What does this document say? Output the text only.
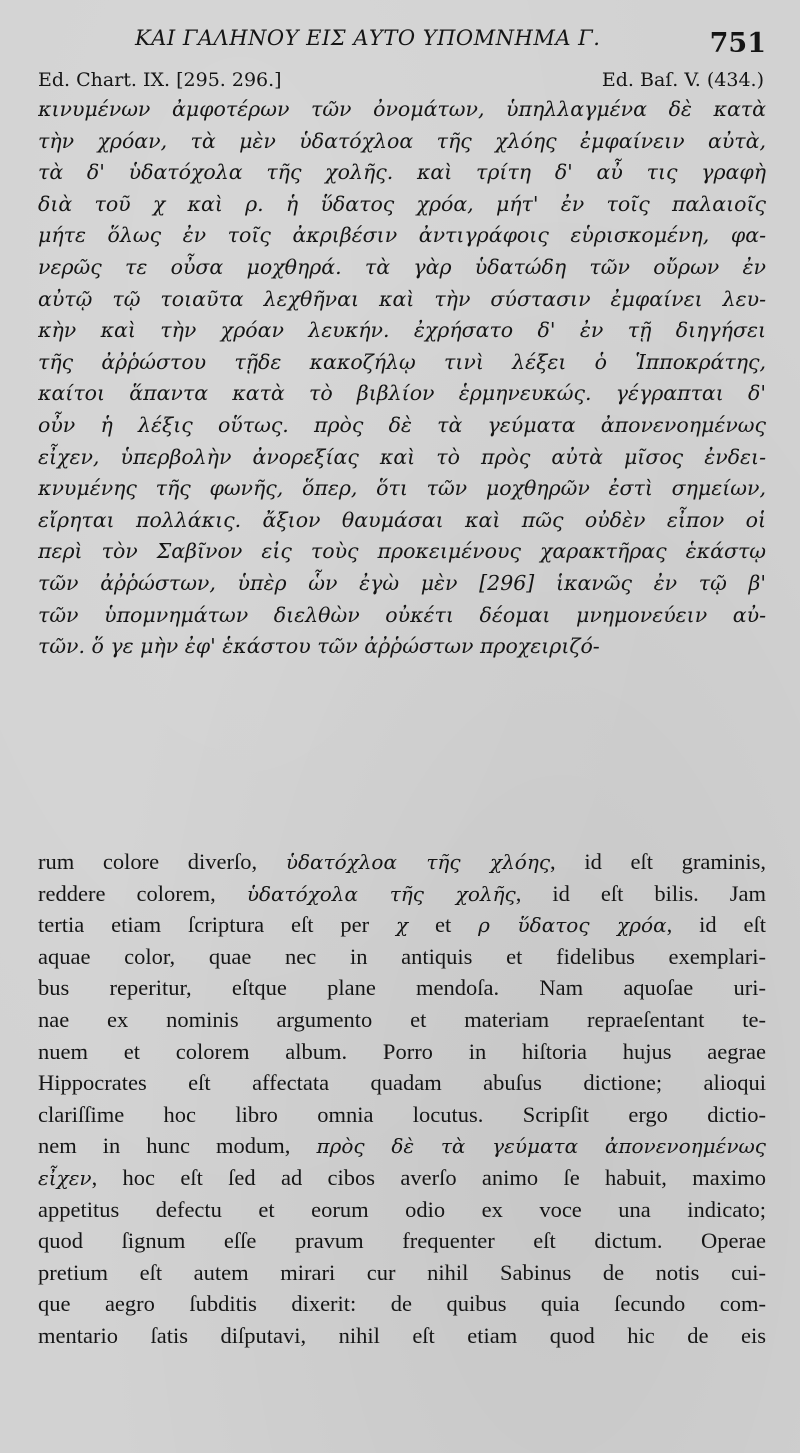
ΚΑΙ ΓΑΛΗΝΟΥ ΕΙΣ ΑΥΤΟ ΥΠΟΜΝΗΜΑ Γ.	751
Ed. Chart. IX. [295. 296.]	Ed. Baſ. V. (434.)
κινυμένων ἀμφοτέρων τῶν ὀνομάτων, ὑπηλλαγμένα δὲ κατὰ
τὴν χρόαν, τὰ μὲν ὑδατόχλοα τῆς χλόης ἐμφαίνειν αὐτὰ,
τὰ δ' ὑδατόχολα τῆς χολῆς. καὶ τρίτη δ' αὖ τις γραφὴ
διὰ τοῦ χ καὶ ρ. ἡ ὕδατος χρόα, μήτ' ἐν τοῖς παλαιοῖς
μήτε ὅλως ἐν τοῖς ἀκριβέσιν ἀντιγράφοις εὑρισκομένη, φα-
νερῶς τε οὖσα μοχθηρά. τὰ γὰρ ὑδατώδη τῶν οὔρων ἐν
αὐτῷ τῷ τοιαῦτα λεχθῆναι καὶ τὴν σύστασιν ἐμφαίνει λευ-
κὴν καὶ τὴν χρόαν λευκήν. ἐχρήσατο δ' ἐν τῇ διηγήσει
τῆς ἀῤῥώστου τῇδε κακοζήλῳ τινὶ λέξει ὁ Ἱπποκράτης,
καίτοι ἅπαντα κατὰ τὸ βιβλίον ἑρμηνευκώς. γέγραπται δ'
οὖν ἡ λέξις οὕτως. πρὸς δὲ τὰ γεύματα ἀπονενοημένως
εἶχεν, ὑπερβολὴν ἀνορεξίας καὶ τὸ πρὸς αὐτὰ μῖσος ἐνδει-
κνυμένης τῆς φωνῆς, ὅπερ, ὅτι τῶν μοχθηρῶν ἐστὶ σημείων,
εἴρηται πολλάκις. ἄξιον θαυμάσαι καὶ πῶς οὐδὲν εἶπον οἱ
περὶ τὸν Σαβῖνον εἰς τοὺς προκειμένους χαρακτῆρας ἑκάστῳ
τῶν ἀῤῥώστων, ὑπὲρ ὧν ἐγὼ μὲν [296] ἱκανῶς ἐν τῷ β'
τῶν ὑπομνημάτων διελθὼν οὐκέτι δέομαι μνημονεύειν αὐ-
τῶν. ὅ γε μὴν ἐφ' ἑκάστου τῶν ἀῤῥώστων προχειριζό-
rum colore diverſo, ὑδατόχλοα τῆς χλόης, id eſt graminis,
reddere colorem, ὑδατόχολα τῆς χολῆς, id eſt bilis. Jam
tertia etiam ſcriptura eſt per χ et ρ ὕδατος χρόα, id eſt
aquae color, quae nec in antiquis et fidelibus exemplari-
bus reperitur, eſtque plane mendoſa. Nam aquoſae uri-
nae ex nominis argumento et materiam repraeſentant te-
nuem et colorem album. Porro in hiſtoria hujus aegrae
Hippocrates eſt affectata quadam abuſus dictione; alioqui
clariſſime hoc libro omnia locutus. Scripſit ergo dictio-
nem in hunc modum, πρὸς δὲ τὰ γεύματα ἀπονενοημένως
εἶχεν, hoc eſt ſed ad cibos averſo animo ſe habuit, maximo
appetitus defectu et eorum odio ex voce una indicato;
quod ſignum eſſe pravum frequenter eſt dictum. Operae
pretium eſt autem mirari cur nihil Sabinus de notis cui-
que aegro ſubditis dixerit: de quibus quia ſecundo com-
mentario ſatis diſputavi, nihil eſt etiam quod hic de eis
